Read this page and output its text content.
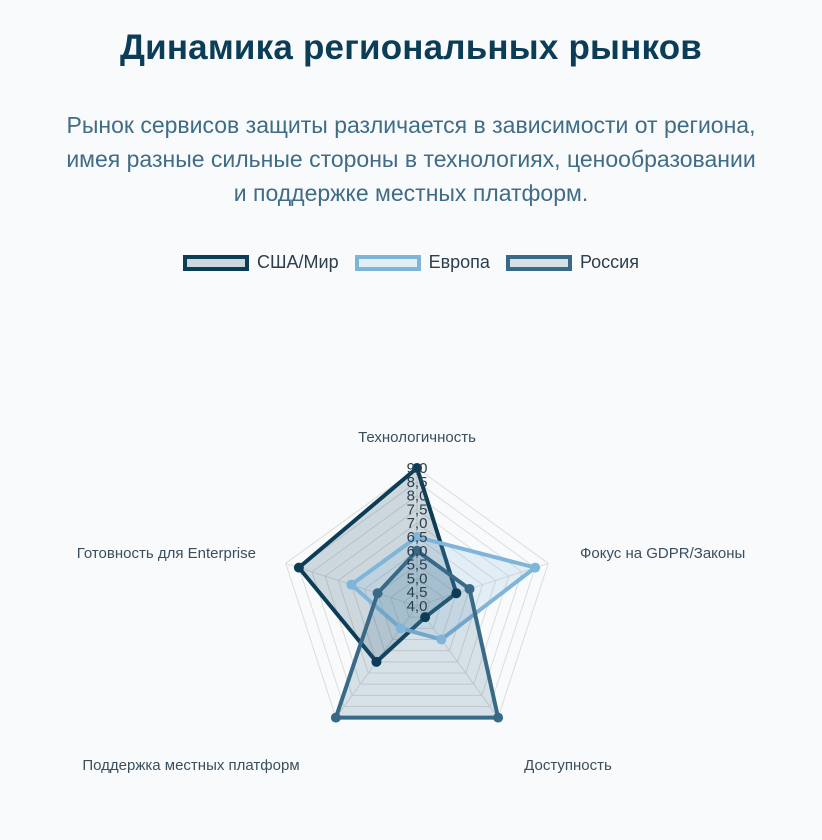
Динамика региональных рынков
Рынок сервисов защиты различается в зависимости от региона, имея разные сильные стороны в технологиях, ценообразовании и поддержке местных платформ.
США/Мир	Европа	Россия
4,0
4,5
5,0
5,5
6,0
6,5
7,0
7,5
8,0
8,5
9,0
Технологичность
Фокус на GDPR/Законы
Доступность
Поддержка местных платформ
Готовность для Enterprise
